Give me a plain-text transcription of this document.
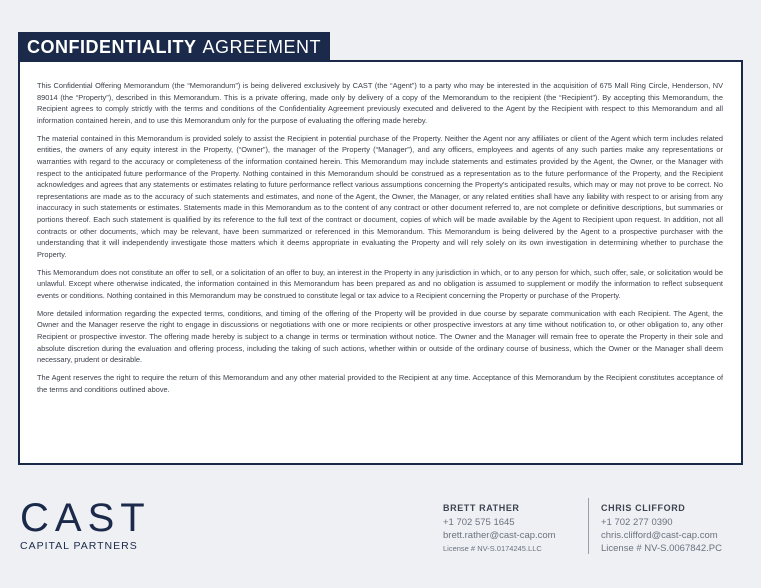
CONFIDENTIALITY AGREEMENT

This Confidential Offering Memorandum (the “Memorandum”) is being delivered exclusively by CAST (the “Agent”) to a party who may be interested in the acquisition of 675 Mall Ring Circle, Henderson, NV 89014 (the “Property”), described in this Memorandum. This is a private offering, made only by delivery of a copy of the Memorandum to the recipient (the “Recipient”). By accepting this Memorandum, the Recipient agrees to comply strictly with the terms and conditions of the Confidentiality Agreement previously executed and delivered to the Agent by the Recipient with respect to this Memorandum and all information contained herein, and to use this Memorandum only for the purpose of evaluating the offering made hereby.

The material contained in this Memorandum is provided solely to assist the Recipient in potential purchase of the Property. Neither the Agent nor any affiliates or client of the Agent which term includes related entities, the owners of any equity interest in the Property, (“Owner”), the manager of the Property (“Manager”), and any officers, employees and agents of any such parties make any representations or warranties with regard to the accuracy or completeness of the information contained herein. This Memorandum may include statements and estimates provided by the Agent, the Owner, or the Manager with respect to the anticipated future performance of the Property. Nothing contained in this Memorandum should be construed as a representation as to the future performance of the Property, and the Recipient acknowledges and agrees that any statements or estimates relating to future performance reflect various assumptions concerning the Property’s anticipated results, which may or may not prove to be correct. No representations are made as to the accuracy of such statements and estimates, and none of the Agent, the Owner, the Manager, or any related entities shall have any liability with respect to or arising from any inaccuracy in such statements or estimates. Statements made in this Memorandum as to the content of any contract or other document referred to, are not complete or definitive descriptions, but summaries or portions thereof. Each such statement is qualified by its reference to the full text of the contract or document, copies of which will be made available by the Agent to Recipient upon request. In addition, not all contracts or other documents, which may be relevant, have been summarized or referenced in this Memorandum. This Memorandum is being delivered by the Agent to a prospective purchaser with the understanding that it will independently investigate those matters which it deems appropriate in evaluating the Property and will rely solely on its own investigation in determining whether to purchase the Property.

This Memorandum does not constitute an offer to sell, or a solicitation of an offer to buy, an interest in the Property in any jurisdiction in which, or to any person for which, such offer, sale, or solicitation would be unlawful. Except where otherwise indicated, the information contained in this Memorandum has been prepared as and no obligation is assumed to supplement or modify the information to reflect subsequent events or conditions. Nothing contained in this Memorandum may be construed to constitute legal or tax advice to a Recipient concerning the Property or purchase of the Property.

More detailed information regarding the expected terms, conditions, and timing of the offering of the Property will be provided in due course by separate communication with each Recipient. The Agent, the Owner and the Manager reserve the right to engage in discussions or negotiations with one or more recipients or other prospective investors at any time without notification to, or other obligation to, any other Recipient or prospective investor. The offering made hereby is subject to a change in terms or termination without notice. The Owner and the Manager will remain free to operate the Property in their sole and absolute discretion during the evaluation and offering process, including the taking of such actions, whether within or outside of the ordinary course of business, which the Owner or the Manager shall deem necessary, prudent or desirable.

The Agent reserves the right to require the return of this Memorandum and any other material provided to the Recipient at any time. Acceptance of this Memorandum by the Recipient constitutes acceptance of the terms and conditions outlined above.

CAST
CAPITAL PARTNERS
BRETT RATHER
+1 702 575 1645
brett.rather@cast-cap.com
License # NV-S.0174245.LLC
CHRIS CLIFFORD
+1 702 277 0390
chris.clifford@cast-cap.com
License # NV-S.0067842.PC
